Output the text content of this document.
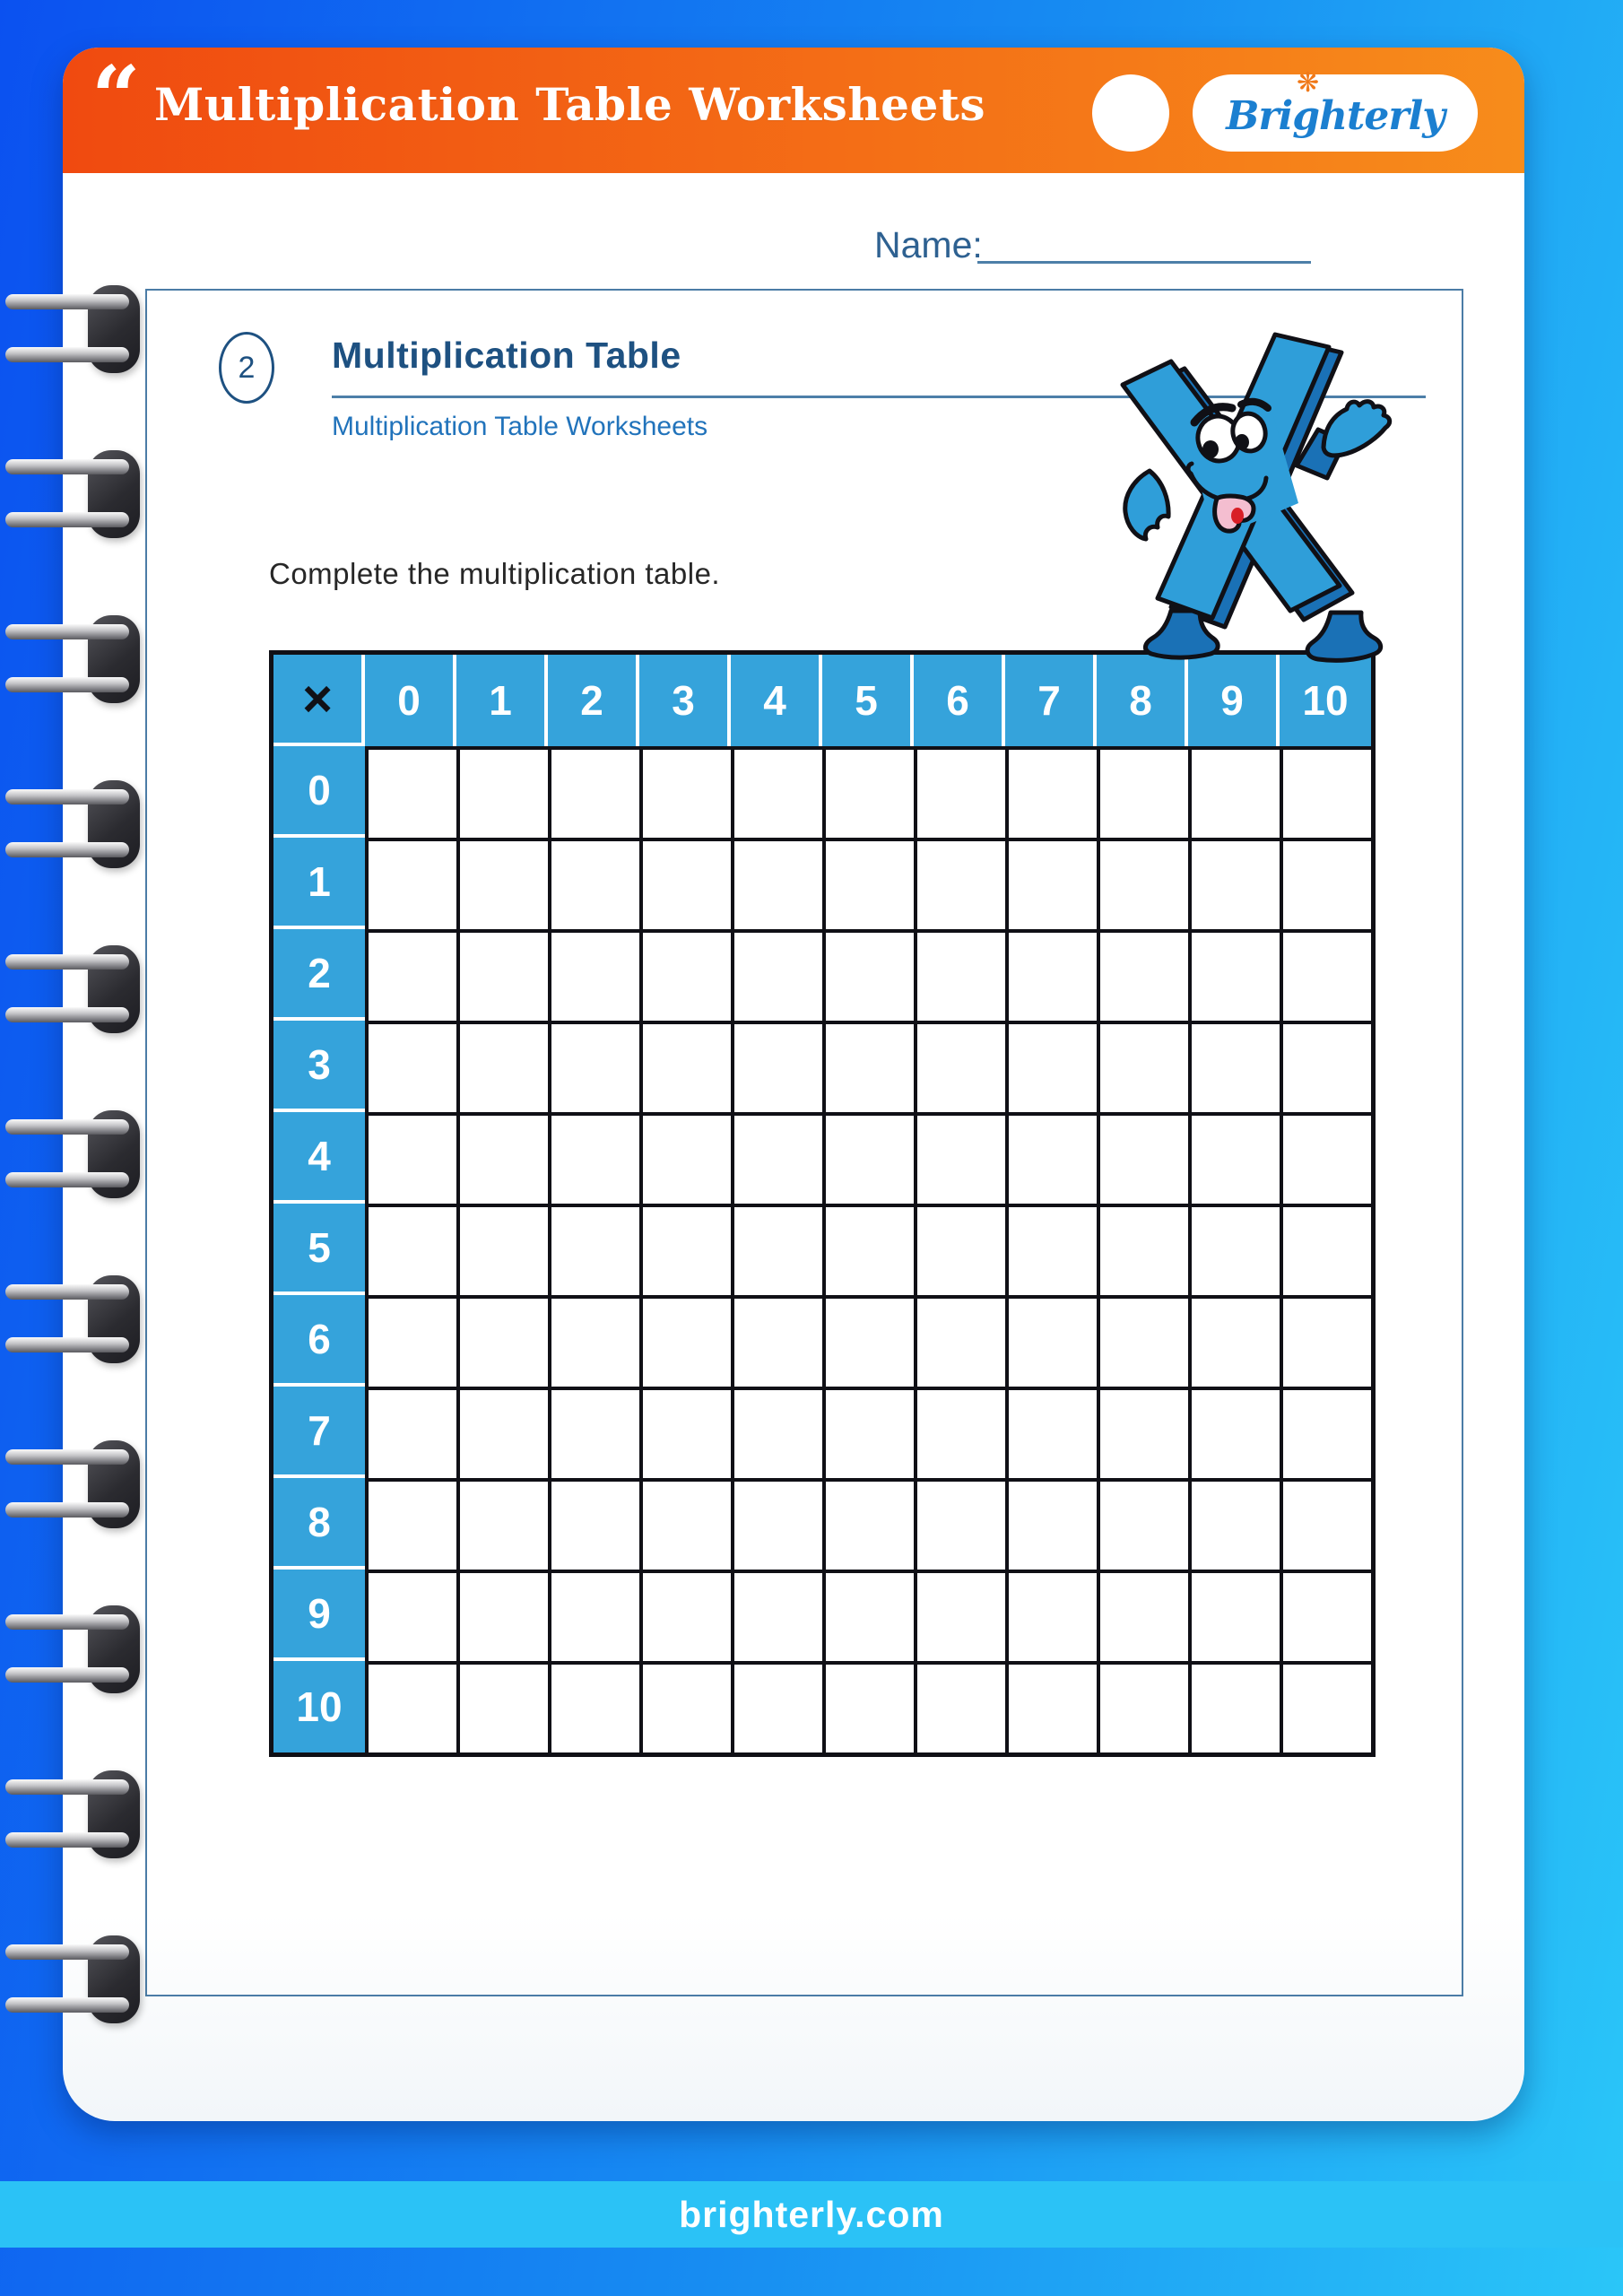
“ Multiplication Table Worksheets	❋
Brighterly
Name:
2	Multiplication Table
Multiplication Table Worksheets
Complete the multiplication table.
×	0	1	2	3	4	5	6	7	8	9	10
0
1
2
3
4
5
6
7
8
9
10
brighterly.com
